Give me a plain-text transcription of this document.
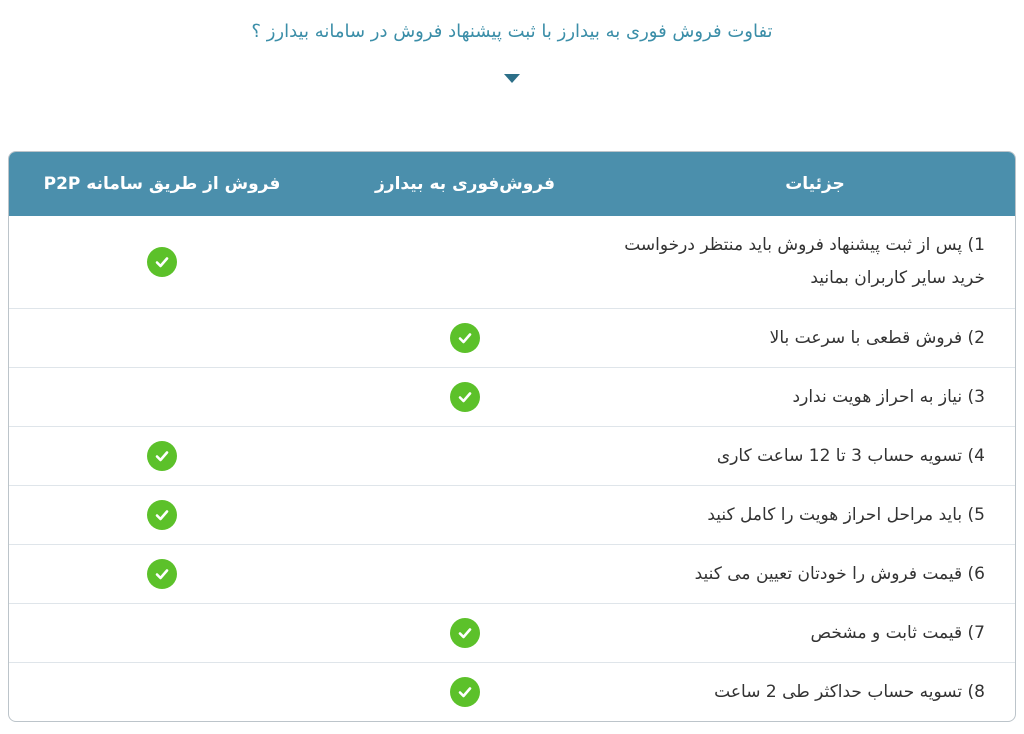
تفاوت فروش فوری به بیدارز با ثبت پیشنهاد فروش در سامانه بیدارز ؟
جزئیات
فروش‌فوری به بیدارز
فروش از طریق سامانه P2P
1) پس از ثبت پیشنهاد فروش باید منتظر درخواست خرید سایر کاربران بمانید
2) فروش قطعی با سرعت بالا
3) نیاز به احراز هویت ندارد
4) تسویه حساب 3 تا 12 ساعت کاری
5) باید مراحل احراز هویت را کامل کنید
6) قیمت فروش را خودتان تعیین می کنید
7) قیمت ثابت و مشخص
8) تسویه حساب حداکثر طی 2 ساعت
